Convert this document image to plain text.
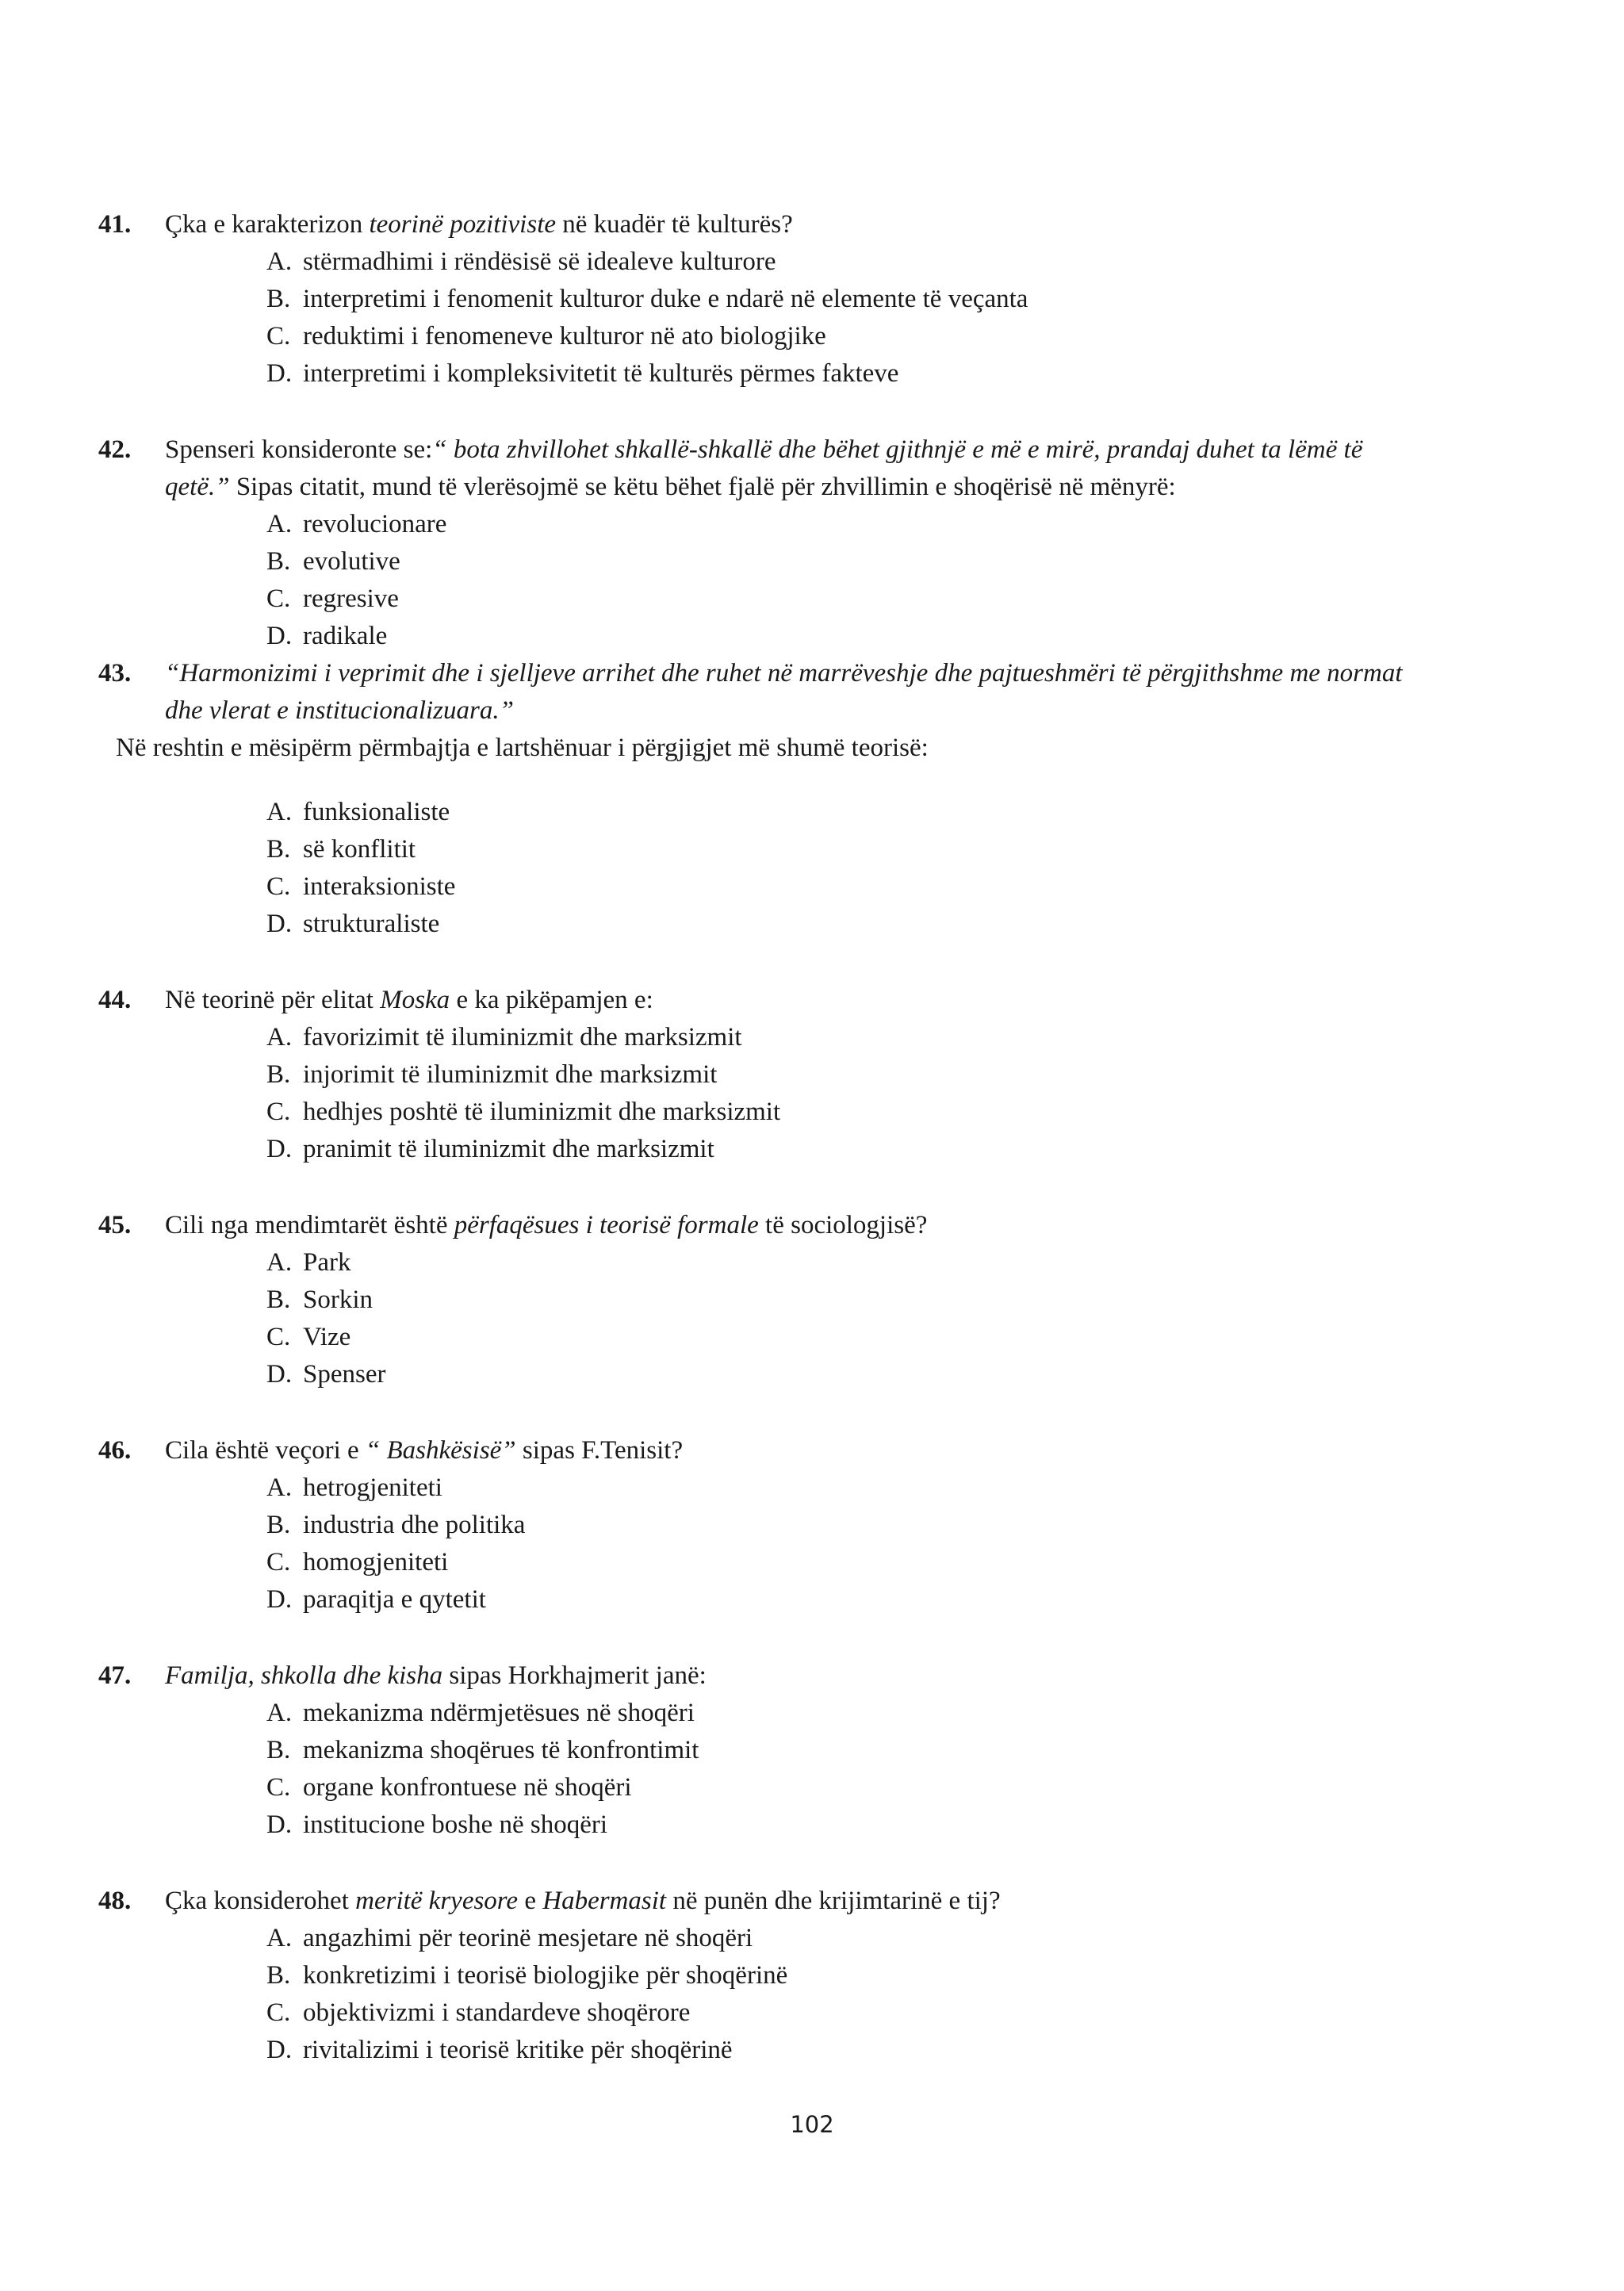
41. Çka e karakterizon teorinë pozitiviste në kuadër të kulturës?
A. stërmadhimi i rëndësisë së idealeve kulturore
B. interpretimi i fenomenit kulturor duke e ndarë në elemente të veçanta
C. reduktimi i fenomeneve kulturor në ato biologjike
D. interpretimi i kompleksivitetit të kulturës përmes fakteve
42. Spenseri konsideronte se:“ bota zhvillohet shkallë-shkallë dhe bëhet gjithnjë e më e mirë, prandaj duhet ta lëmë të
qetë.” Sipas citatit, mund të vlerësojmë se këtu bëhet fjalë për zhvillimin e shoqërisë në mënyrë:
A. revolucionare
B. evolutive
C. regresive
D. radikale
43. “Harmonizimi i veprimit dhe i sjelljeve arrihet dhe ruhet në marrëveshje dhe pajtueshmëri të përgjithshme me normat
dhe vlerat e institucionalizuara.”
Në reshtin e mësipërm përmbajtja e lartshënuar i përgjigjet më shumë teorisë:
A. funksionaliste
B. së konflitit
C. interaksioniste
D. strukturaliste
44. Në teorinë për elitat Moska e ka pikëpamjen e:
A. favorizimit të iluminizmit dhe marksizmit
B. injorimit të iluminizmit dhe marksizmit
C. hedhjes poshtë të iluminizmit dhe marksizmit
D. pranimit të iluminizmit dhe marksizmit
45. Cili nga mendimtarët është përfaqësues i teorisë formale të sociologjisë?
A. Park
B. Sorkin
C. Vize
D. Spenser
46. Cila është veçori e “ Bashkësisë” sipas F.Tenisit?
A. hetrogjeniteti
B. industria dhe politika
C. homogjeniteti
D. paraqitja e qytetit
47. Familja, shkolla dhe kisha sipas Horkhajmerit janë:
A. mekanizma ndërmjetësues në shoqëri
B. mekanizma shoqërues të konfrontimit
C. organe konfrontuese në shoqëri
D. institucione boshe në shoqëri
48. Çka konsiderohet meritë kryesore e Habermasit në punën dhe krijimtarinë e tij?
A. angazhimi për teorinë mesjetare në shoqëri
B. konkretizimi i teorisë biologjike për shoqërinë
C. objektivizmi i standardeve shoqërore
D. rivitalizimi i teorisë kritike për shoqërinë
102
